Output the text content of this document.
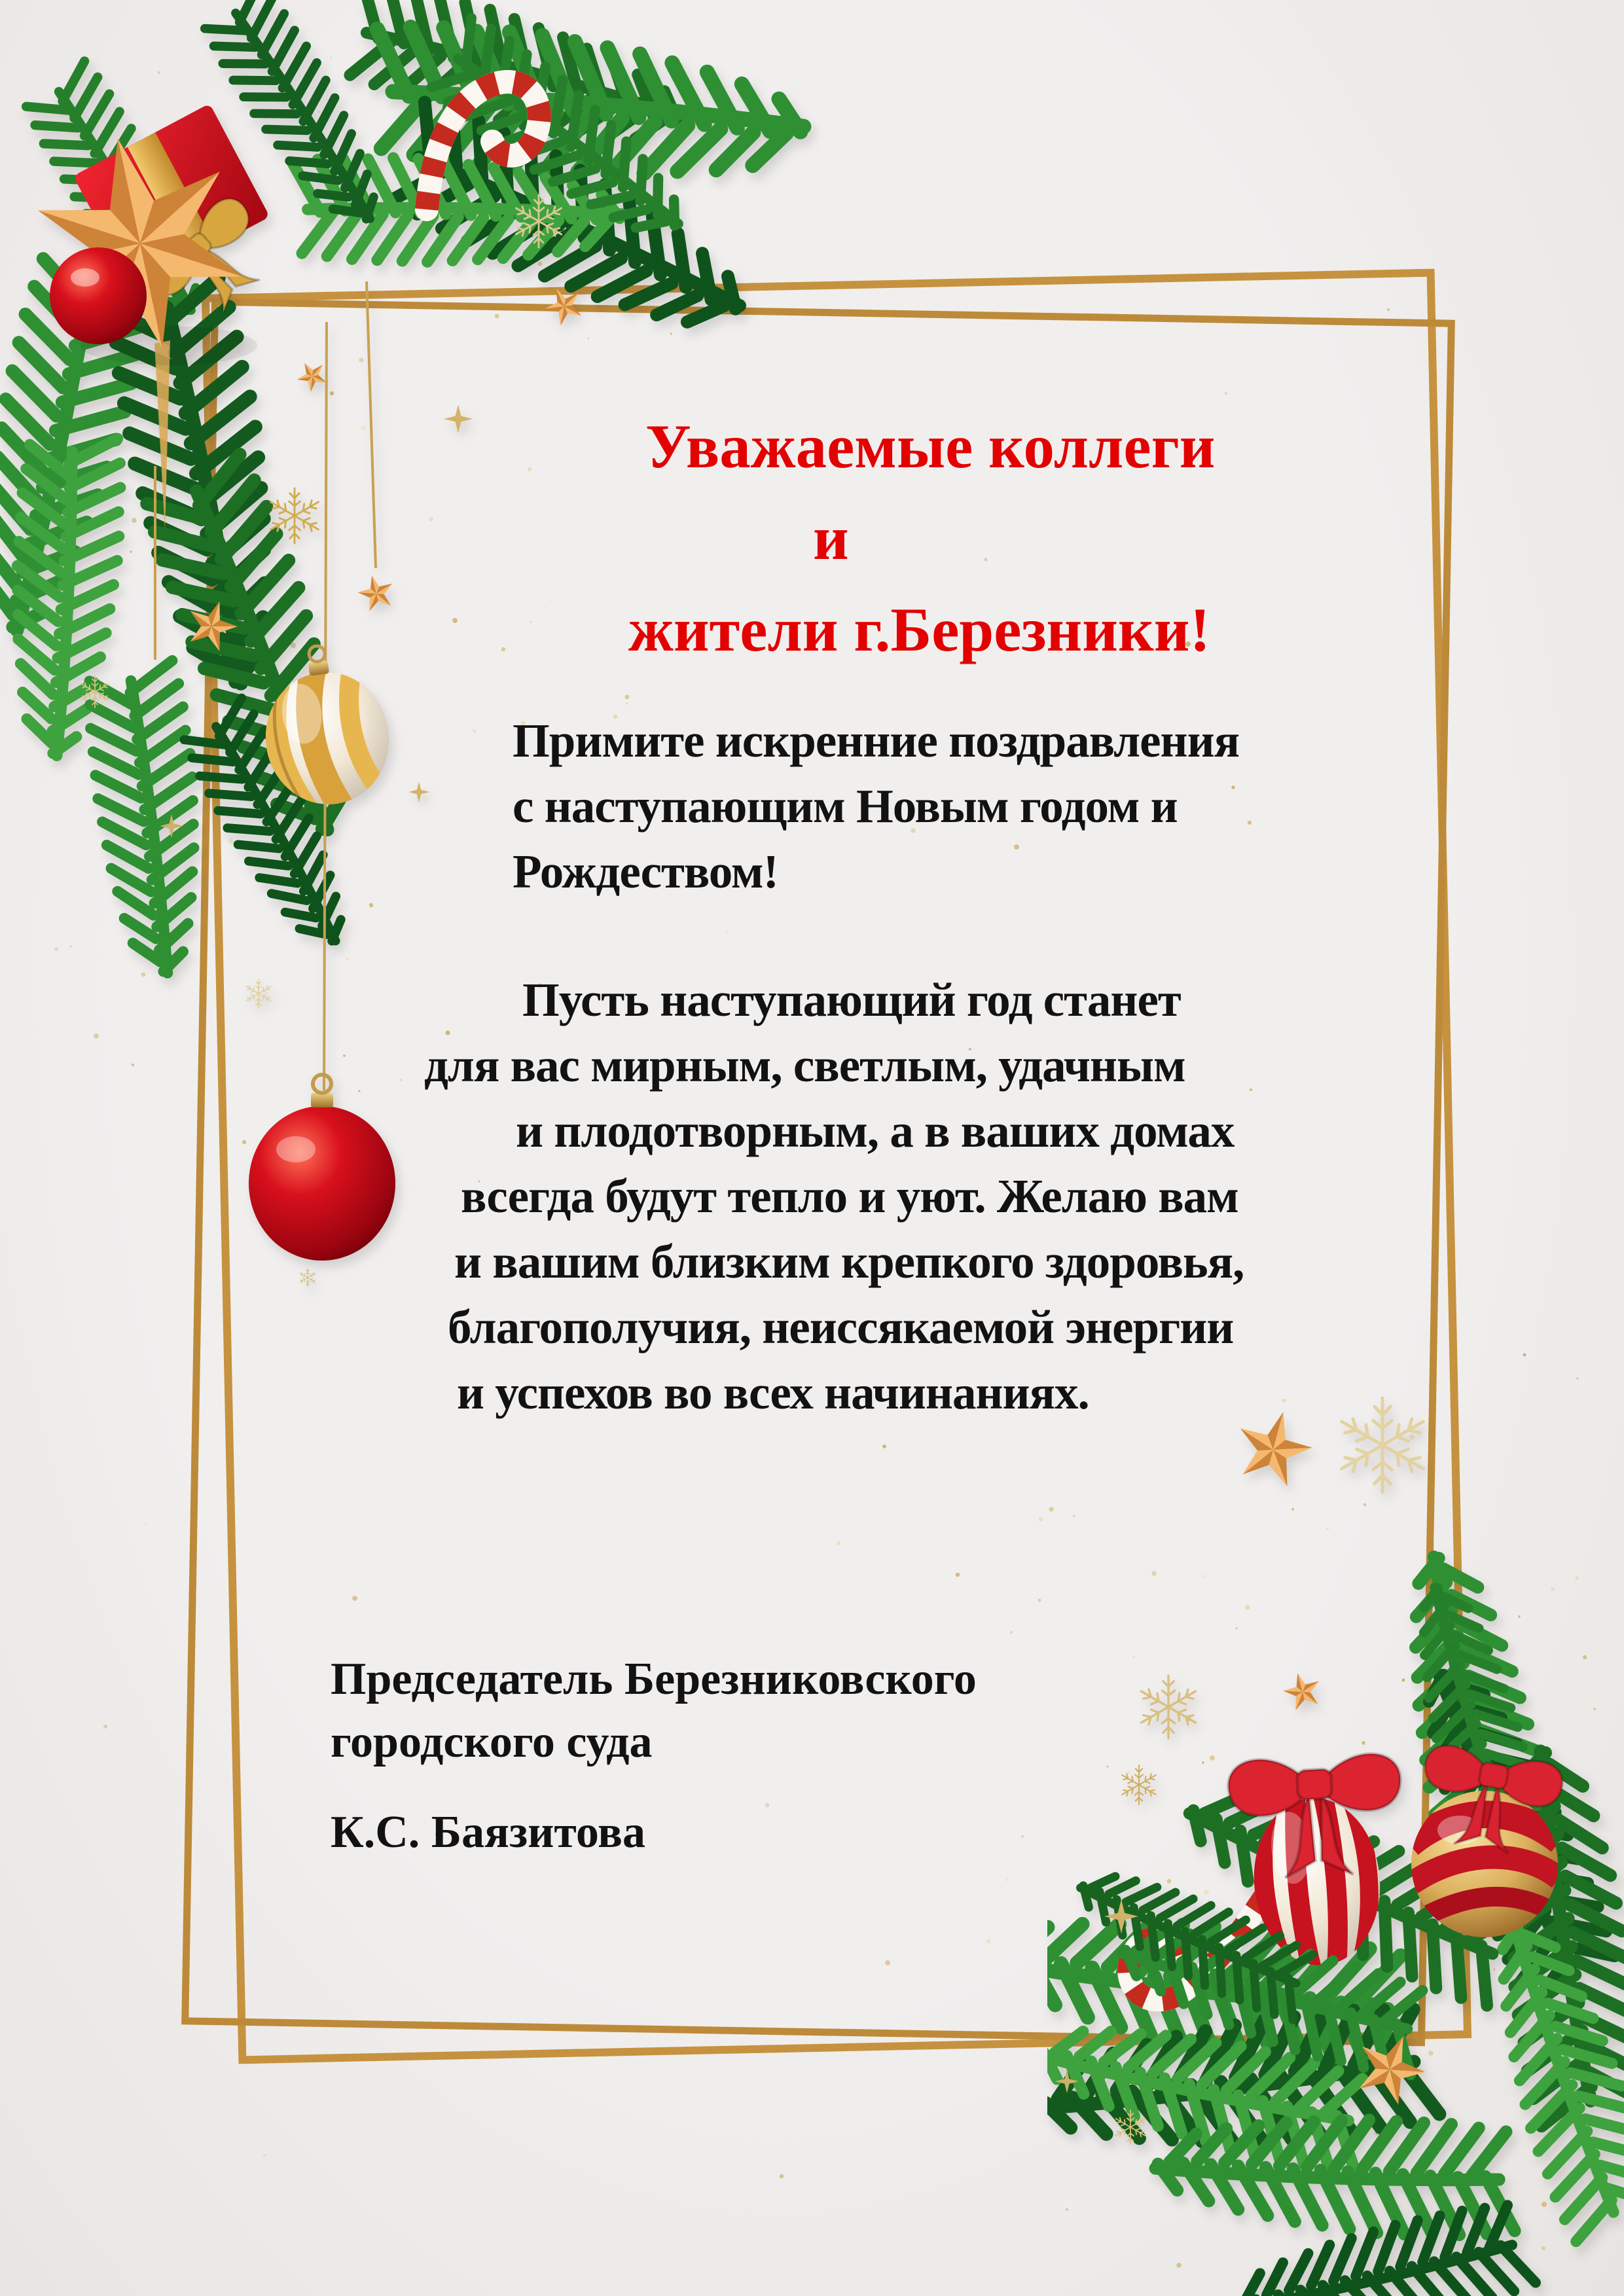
Уважаемые коллеги
и
жители г.Березники!
Примите искренние поздравления
с наступающим Новым годом и
Рождеством!
Пусть наступающий год станет
для вас мирным, светлым, удачным
и плодотворным, а в ваших домах
всегда будут тепло и уют. Желаю вам
и вашим близким крепкого здоровья,
благополучия, неиссякаемой энергии
и успехов во всех начинаниях.
Председатель Березниковского
городского суда
К.С. Баязитова
